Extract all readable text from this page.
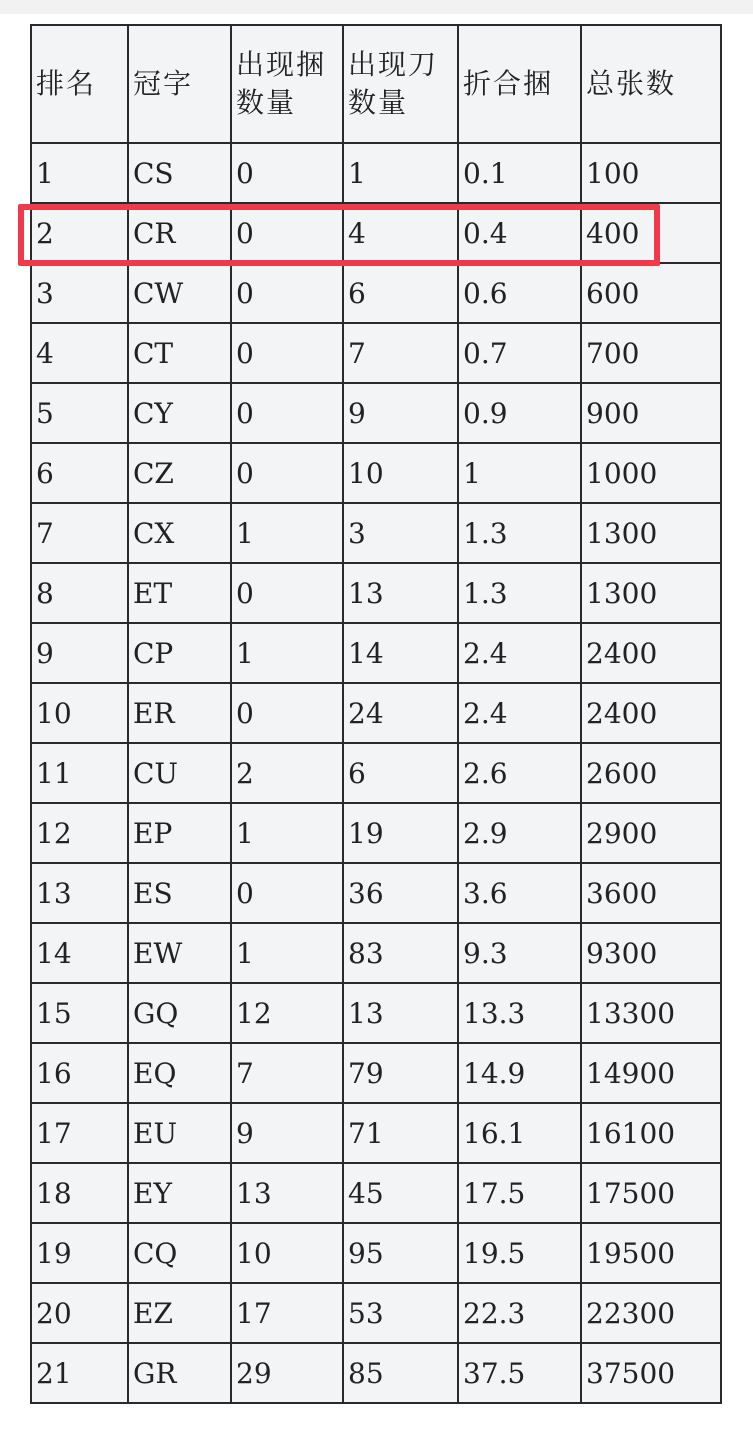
排名	冠字	出现捆数量	出现刀数量	折合捆	总张数
1	CS	0	1	0.1	100
2	CR	0	4	0.4	400
3	CW	0	6	0.6	600
4	CT	0	7	0.7	700
5	CY	0	9	0.9	900
6	CZ	0	10	1	1000
7	CX	1	3	1.3	1300
8	ET	0	13	1.3	1300
9	CP	1	14	2.4	2400
10	ER	0	24	2.4	2400
11	CU	2	6	2.6	2600
12	EP	1	19	2.9	2900
13	ES	0	36	3.6	3600
14	EW	1	83	9.3	9300
15	GQ	12	13	13.3	13300
16	EQ	7	79	14.9	14900
17	EU	9	71	16.1	16100
18	EY	13	45	17.5	17500
19	CQ	10	95	19.5	19500
20	EZ	17	53	22.3	22300
21	GR	29	85	37.5	37500
